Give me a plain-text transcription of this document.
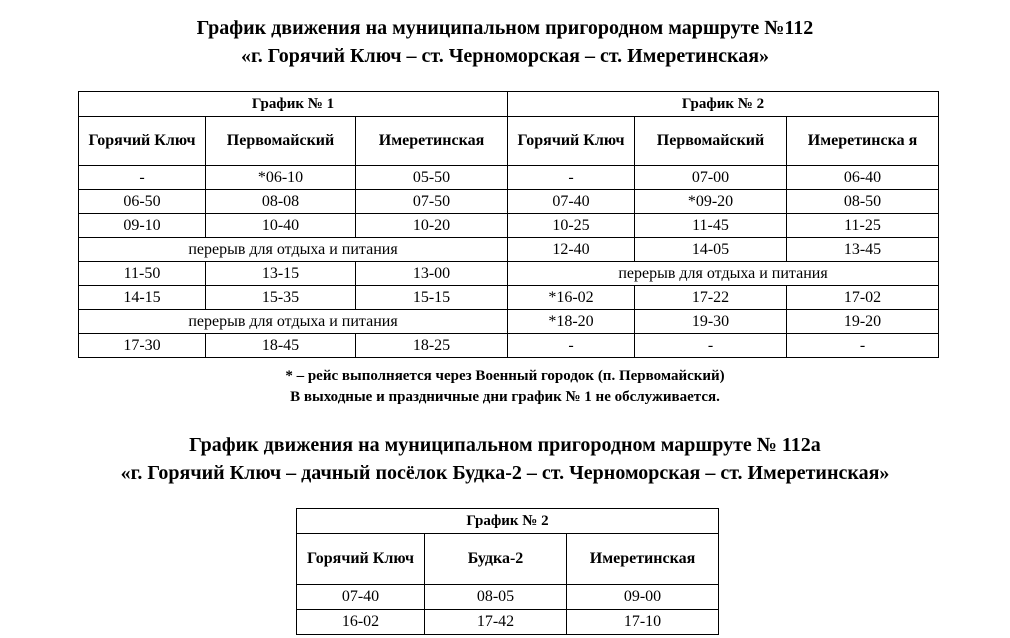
График движения на муниципальном пригородном маршруте №112
«г. Горячий Ключ – ст. Черноморская – ст. Имеретинская»
График № 1			График № 2		
Горячий Ключ	Первомайский	Имеретинская	Горячий Ключ	Первомайский	Имеретинска я
-	*06-10	05-50	-	07-00	06-40
06-50	08-08	07-50	07-40	*09-20	08-50
09-10	10-40	10-20	10-25	11-45	11-25
перерыв для отдыха и питания			12-40	14-05	13-45
11-50	13-15	13-00	перерыв для отдыха и питания		
14-15	15-35	15-15	*16-02	17-22	17-02
перерыв для отдыха и питания			*18-20	19-30	19-20
17-30	18-45	18-25	-	-	-

* – рейс выполняется через Военный городок (п. Первомайский)

В выходные и праздничные дни график № 1 не обслуживается.

График движения на муниципальном пригородном маршруте № 112а
«г. Горячий Ключ – дачный посёлок Будка-2 – ст. Черноморская – ст. Имеретинская»
График № 2		
Горячий Ключ	Будка-2	Имеретинская
07-40	08-05	09-00
16-02	17-42	17-10
